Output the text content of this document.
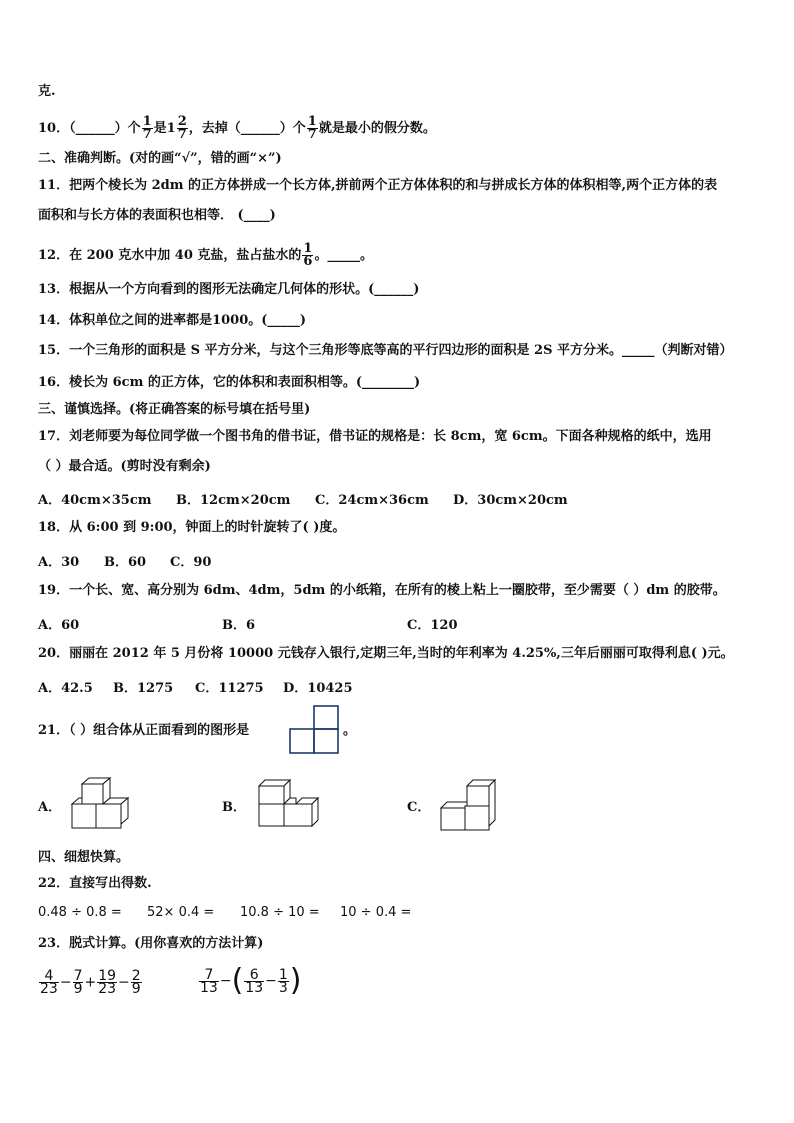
克.
10．（______）个 $\frac{1}{7}$ 是$1 \frac{2}{7}$ ，去掉（______）个 $\frac{1}{7}$ 就是最小的假分数。
二、准确判断。(对的画“√”，错的画“×”)
11．把两个棱长为 2dm 的正方体拼成一个长方体,拼前两个正方体体积的和与拼成长方体的体积相等,两个正方体的表
面积和与长方体的表面积也相等． (____)
12．在 200 克水中加 40 克盐，盐占盐水的 $\frac{1}{6}$ 。_____。
13．根据从一个方向看到的图形无法确定几何体的形状。(______)
14．体积单位之间的进率都是1000。(_____)
15．一个三角形的面积是 S 平方分米，与这个三角形等底等高的平行四边形的面积是 2S 平方分米。_____（判断对错）
16．棱长为 6cm 的正方体，它的体积和表面积相等。(________)
三、谨慎选择。(将正确答案的标号填在括号里)
17．刘老师要为每位同学做一个图书角的借书证，借书证的规格是：长 8cm，宽 6cm。下面各种规格的纸中，选用
（ ）最合适。(剪时没有剩余)
A．40cm×35cm B．12cm×20cm C．24cm×36cm D．30cm×20cm
18．从 6:00 到 9:00，钟面上的时针旋转了( )度。
A．30 B．60 C．90
19．一个长、宽、高分别为 6dm、4dm，5dm 的小纸箱，在所有的棱上粘上一圈胶带，至少需要（ ）dm 的胶带。
A．60	B．6	C．120
20．丽丽在 2012 年 5 月份将 10000 元钱存入银行,定期三年,当时的年利率为 4.25%,三年后丽丽可取得利息( )元。
A．42.5 B．1275 C．11275 D．10425
21．（ ）组合体从正面看到的图形是	。
A．	B．	C．
四、细想快算。
22．直接写出得数.
0.48 ÷ 0.8 = 52× 0.4 = 10.8 ÷ 10 = 10 ÷ 0.4 =
23．脱式计算。(用你喜欢的方法计算)
$\frac{4}{23} - \frac{7}{9} + \frac{19}{23} - \frac{2}{9}$	$\frac{7}{13}$ −( $\frac{6}{13} - \frac{1}{3}$ )
